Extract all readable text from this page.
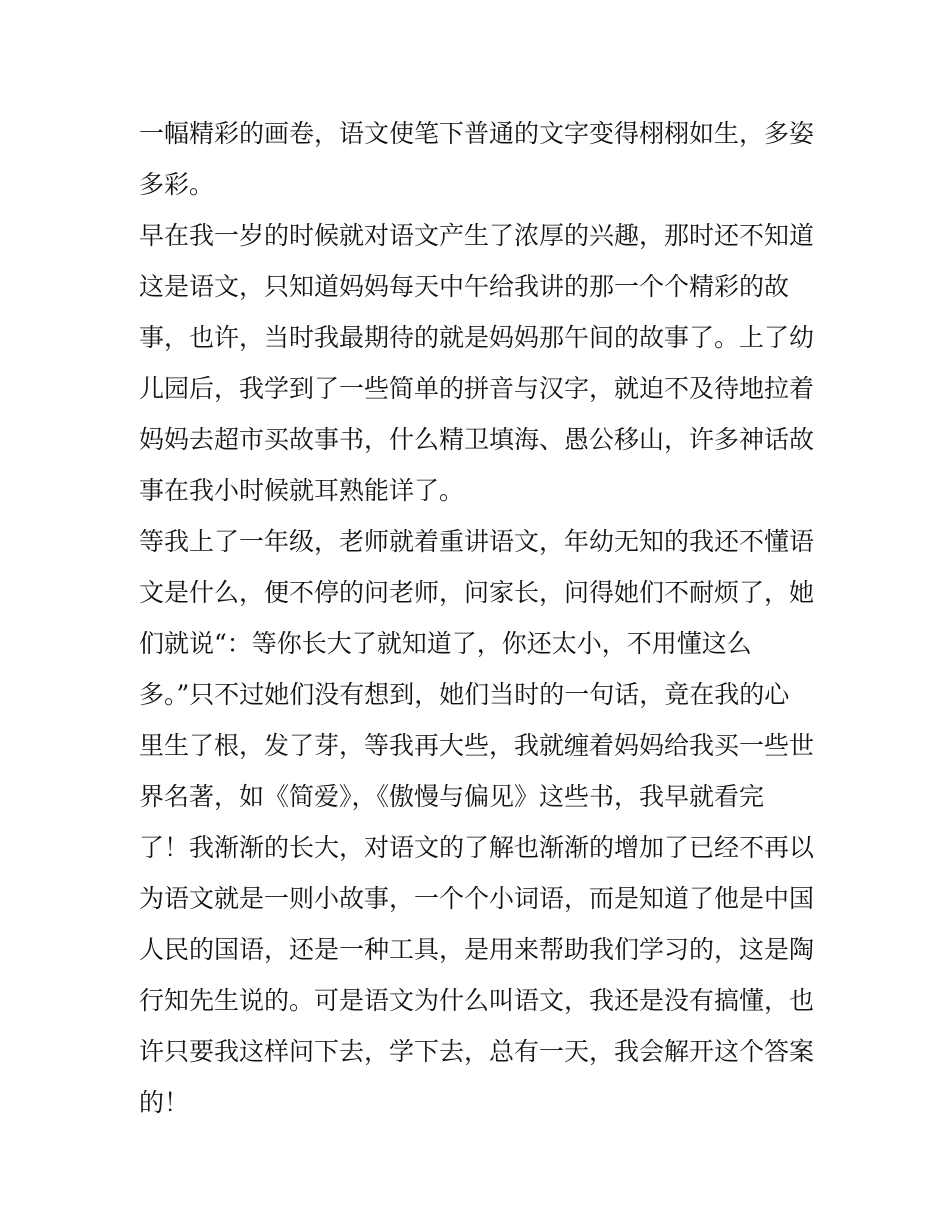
一幅精彩的画卷，语文使笔下普通的文字变得栩栩如生，多姿
多彩。
早在我一岁的时候就对语文产生了浓厚的兴趣，那时还不知道
这是语文，只知道妈妈每天中午给我讲的那一个个精彩的故
事，也许，当时我最期待的就是妈妈那午间的故事了。上了幼
儿园后，我学到了一些简单的拼音与汉字，就迫不及待地拉着
妈妈去超市买故事书，什么精卫填海、愚公移山，许多神话故
事在我小时候就耳熟能详了。
等我上了一年级，老师就着重讲语文，年幼无知的我还不懂语
文是什么，便不停的问老师，问家长，问得她们不耐烦了，她
们就说“：等你长大了就知道了，你还太小，不用懂这么
多。”只不过她们没有想到，她们当时的一句话，竟在我的心
里生了根，发了芽，等我再大些，我就缠着妈妈给我买一些世
界名著，如《简爱》，《傲慢与偏见》这些书，我早就看完
了！我渐渐的长大，对语文的了解也渐渐的增加了已经不再以
为语文就是一则小故事，一个个小词语，而是知道了他是中国
人民的国语，还是一种工具，是用来帮助我们学习的，这是陶
行知先生说的。可是语文为什么叫语文，我还是没有搞懂，也
许只要我这样问下去，学下去，总有一天，我会解开这个答案
的！
